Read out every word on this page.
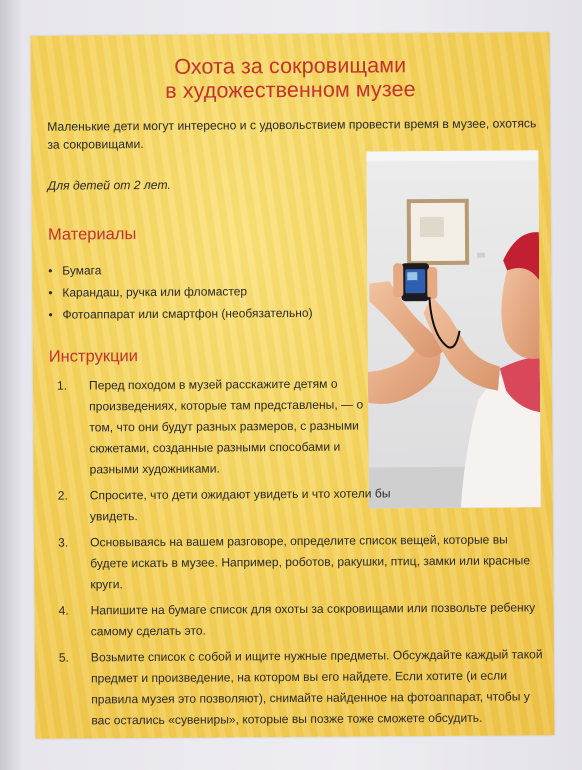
Охота за сокровищами
в художественном музее
Маленькие дети могут интересно и с удовольствием провести время в музее, охотясь за сокровищами.
Для детей от 2 лет.
Материалы
• Бумага
• Карандаш, ручка или фломастер
• Фотоаппарат или смартфон (необязательно)
Инструкции
1. Перед походом в музей расскажите детям о произведениях, которые там представлены, — о том, что они будут разных размеров, с разными сюжетами, созданные разными способами и разными художниками.
2. Спросите, что дети ожидают увидеть и что хотели бы увидеть.
3. Основываясь на вашем разговоре, определите список вещей, которые вы будете искать в музее. Например, роботов, ракушки, птиц, замки или красные круги.
4. Напишите на бумаге список для охоты за сокровищами или позвольте ребенку самому сделать это.
5. Возьмите список с собой и ищите нужные предметы. Обсуждайте каждый такой предмет и произведение, на котором вы его найдете. Если хотите (и если правила музея это позволяют), снимайте найденное на фотоаппарат, чтобы у вас остались «сувениры», которые вы позже тоже сможете обсудить.
